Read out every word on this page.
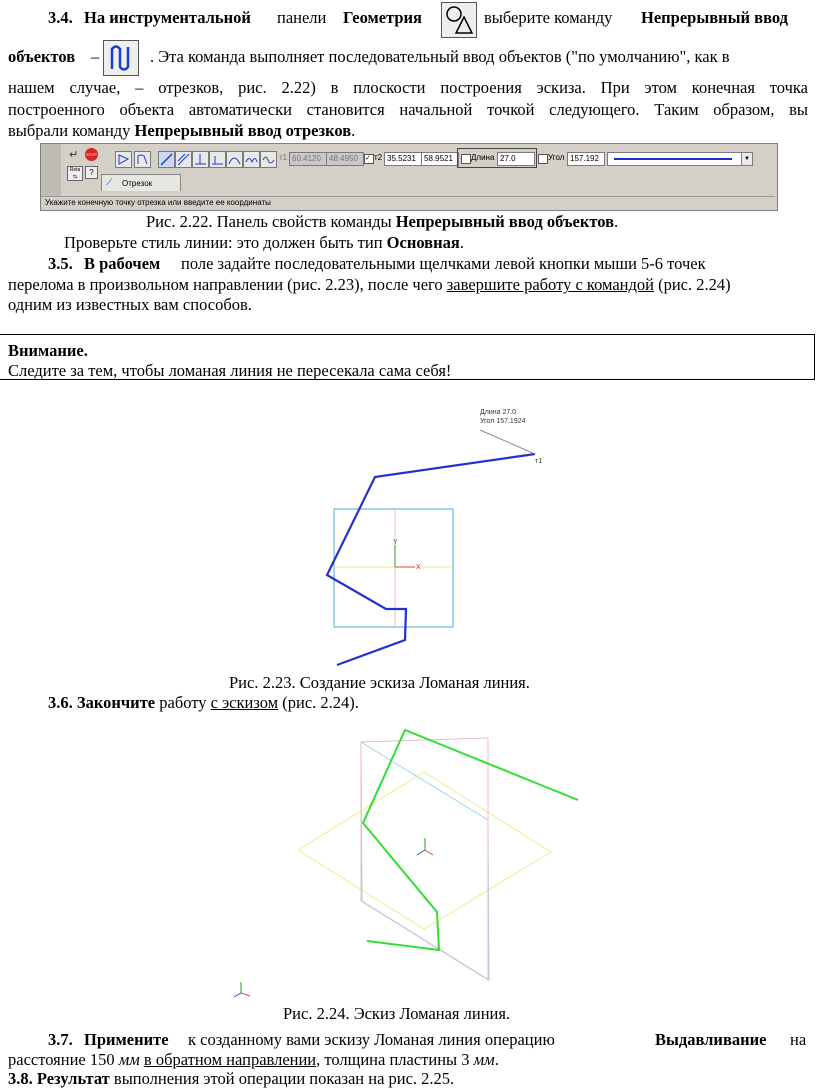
3.4. На инструментальной панели Геометрия	выберите команду Непрерывный ввод
объектов –	. Эта команда выполняет последовательный ввод объектов ("по умолчанию", как в
нашем случае, – отрезков, рис. 2.22) в плоскости построения эскиза. При этом конечная точка
построенного объекта автоматически становится начальной точкой следующего. Таким образом, вы
выбрали команду Непрерывный ввод отрезков.
↵ STOP
Reta
⇆	?
т1 60.4120	48.4950	✓ т2 35.5231	58.9521	Длина 27.0	Угол 157.192	▼
⟋ Отрезок
Укажите конечную точку отрезка или введите ее координаты
Рис. 2.22. Панель свойств команды Непрерывный ввод объектов.
Проверьте стиль линии: это должен быть тип Основная.
3.5. В рабочем поле задайте последовательными щелчками левой кнопки мыши 5-6 точек
перелома в произвольном направлении (рис. 2.23), после чего завершите работу с командой (рис. 2.24)
одним из известных вам способов.
Внимание.
Следите за тем, чтобы ломаная линия не пересекала сама себя!
Y
X
Длина 27.0
Угол 157.1924
т1
Рис. 2.23. Создание эскиза Ломаная линия.
3.6. Закончите работу с эскизом (рис. 2.24).
Рис. 2.24. Эскиз Ломаная линия.
3.7. Примените к созданному вами эскизу Ломаная линия операцию	Выдавливание на
расстояние 150 мм в обратном направлении, толщина пластины 3 мм.
3.8. Результат выполнения этой операции показан на рис. 2.25.
